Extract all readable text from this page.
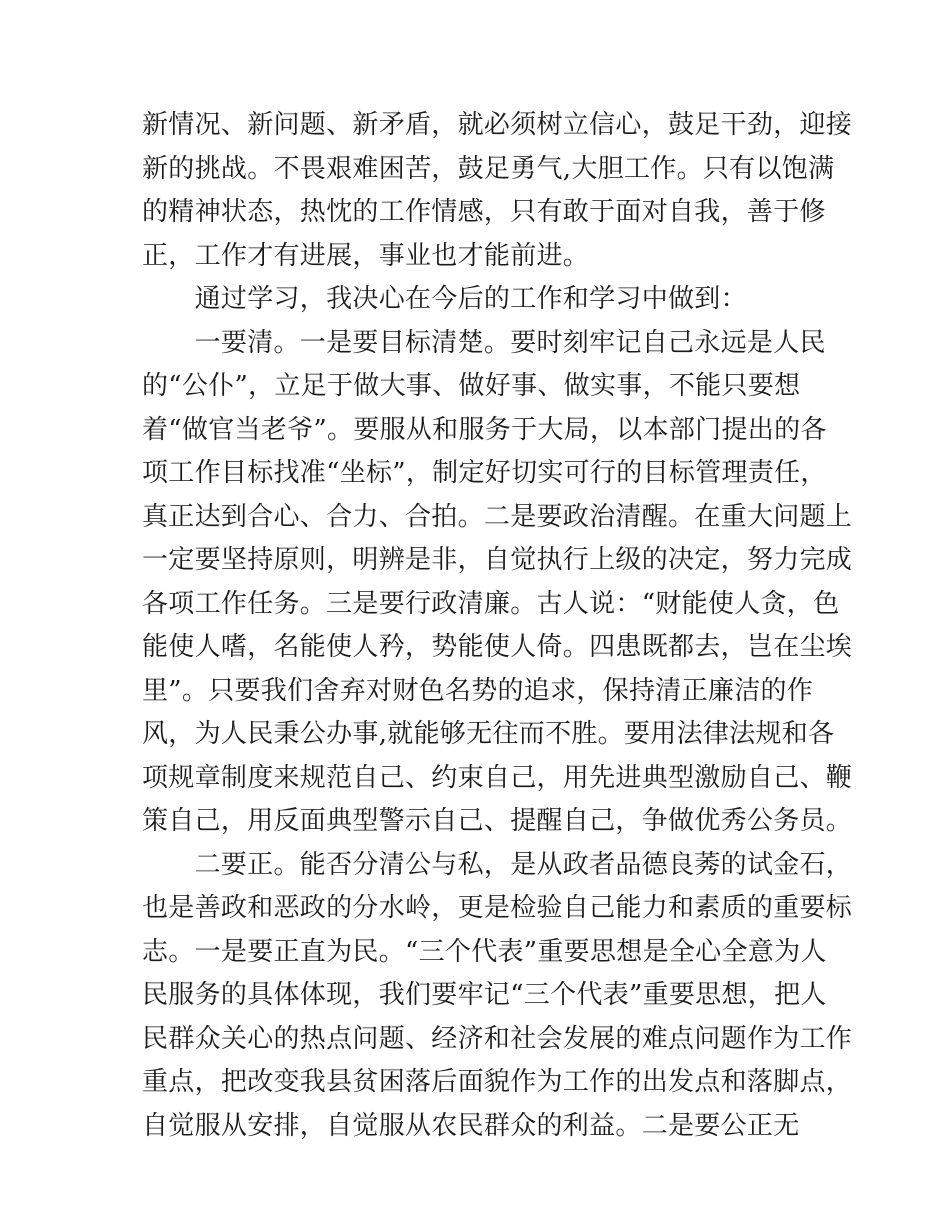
新情况、新问题、新矛盾，就必须树立信心，鼓足干劲，迎接
新的挑战。不畏艰难困苦，鼓足勇气,大胆工作。只有以饱满
的精神状态，热忱的工作情感，只有敢于面对自我，善于修
正，工作才有进展，事业也才能前进。
　　通过学习，我决心在今后的工作和学习中做到：
　　一要清。一是要目标清楚。要时刻牢记自己永远是人民
的“公仆”，立足于做大事、做好事、做实事，不能只要想
着“做官当老爷”。要服从和服务于大局，以本部门提出的各
项工作目标找准“坐标”，制定好切实可行的目标管理责任，
真正达到合心、合力、合拍。二是要政治清醒。在重大问题上
一定要坚持原则，明辨是非，自觉执行上级的决定，努力完成
各项工作任务。三是要行政清廉。古人说：“财能使人贪，色
能使人嗜，名能使人矜，势能使人倚。四患既都去，岂在尘埃
里”。只要我们舍弃对财色名势的追求，保持清正廉洁的作
风，为人民秉公办事,就能够无往而不胜。要用法律法规和各
项规章制度来规范自己、约束自己，用先进典型激励自己、鞭
策自己，用反面典型警示自己、提醒自己，争做优秀公务员。
　　二要正。能否分清公与私，是从政者品德良莠的试金石，
也是善政和恶政的分水岭，更是检验自己能力和素质的重要标
志。一是要正直为民。“三个代表”重要思想是全心全意为人
民服务的具体体现，我们要牢记“三个代表”重要思想，把人
民群众关心的热点问题、经济和社会发展的难点问题作为工作
重点，把改变我县贫困落后面貌作为工作的出发点和落脚点，
自觉服从安排，自觉服从农民群众的利益。二是要公正无
